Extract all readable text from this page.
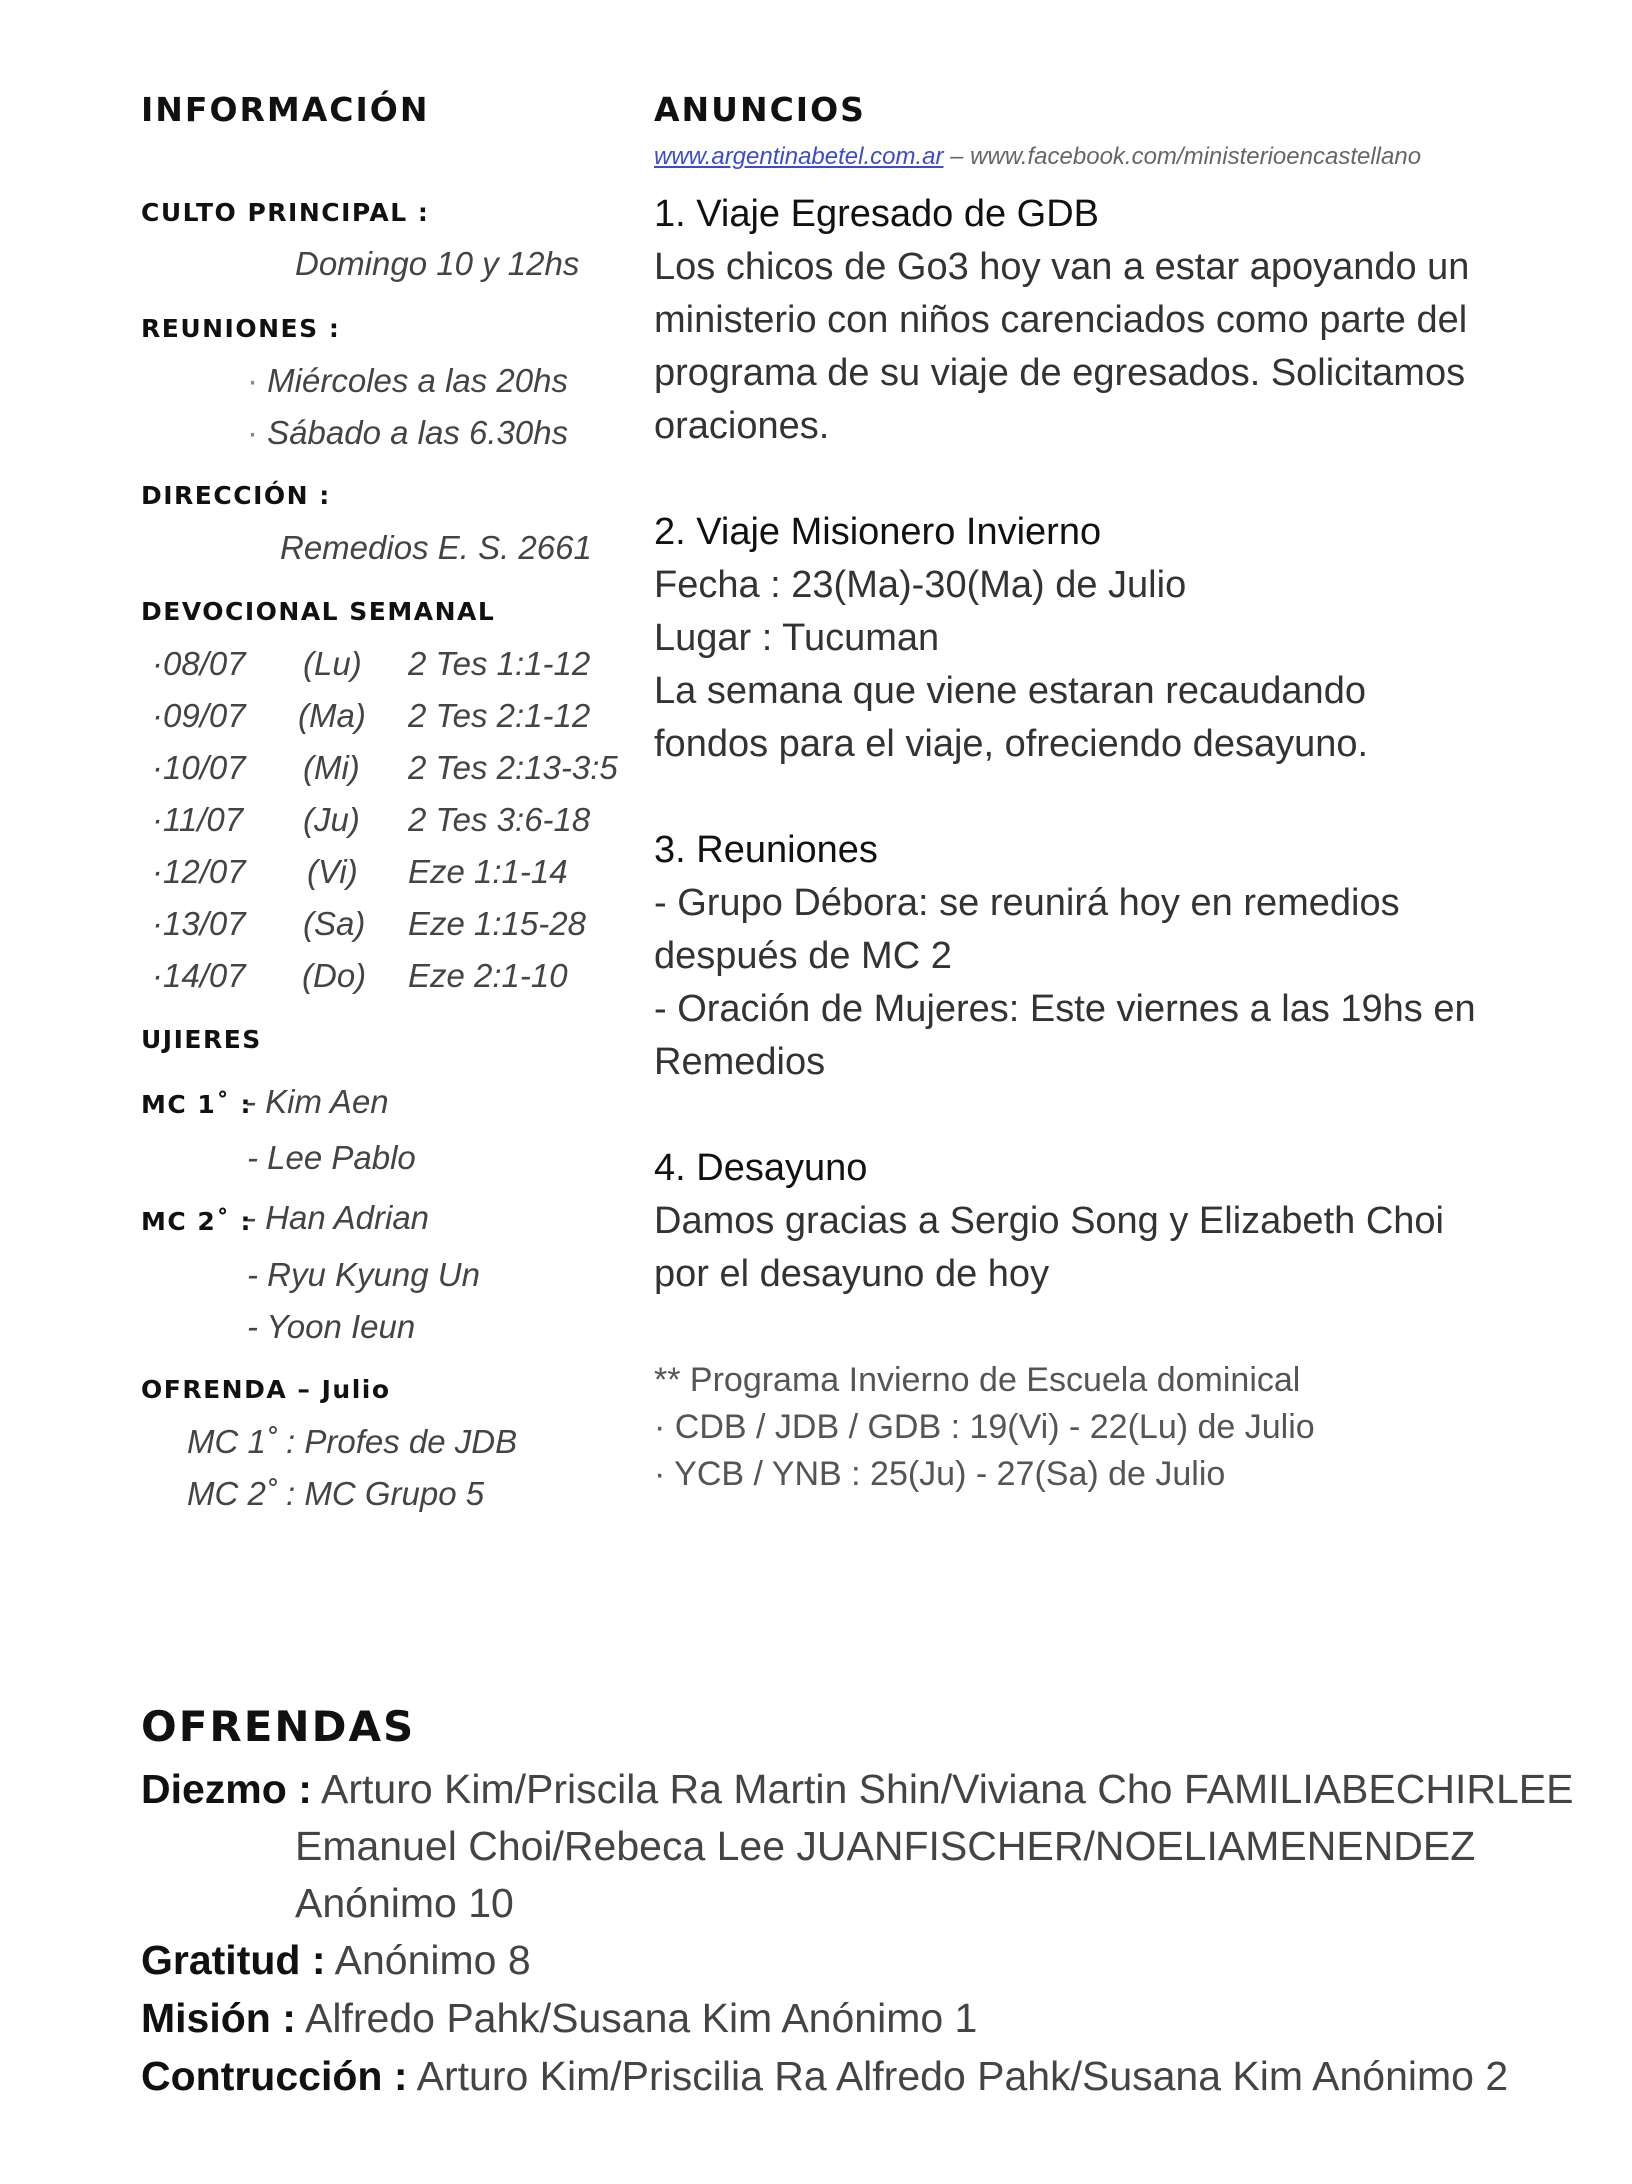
INFORMACIÓN
CULTO PRINCIPAL :
Domingo 10 y 12hs
REUNIONES :
· Miércoles a las 20hs
· Sábado a las 6.30hs
DIRECCIÓN :
Remedios E. S. 2661
DEVOCIONAL SEMANAL
·08/07 (Lu) 2 Tes 1:1-12
·09/07 (Ma) 2 Tes 2:1-12
·10/07 (Mi) 2 Tes 2:13-3:5
·11/07 (Ju) 2 Tes 3:6-18
·12/07 (Vi) Eze 1:1-14
·13/07 (Sa) Eze 1:15-28
·14/07 (Do) Eze 2:1-10
UJIERES
MC 1˚ :
- Kim Aen
- Lee Pablo
MC 2˚ :
- Han Adrian
- Ryu Kyung Un
- Yoon Ieun
OFRENDA – Julio
MC 1˚ : Profes de JDB
MC 2˚ : MC Grupo 5
ANUNCIOS
www.argentinabetel.com.ar – www.facebook.com/ministerioencastellano
1. Viaje Egresado de GDB
Los chicos de Go3 hoy van a estar apoyando un
ministerio con niños carenciados como parte del
programa de su viaje de egresados. Solicitamos
oraciones.
2. Viaje Misionero Invierno
Fecha : 23(Ma)-30(Ma) de Julio
Lugar : Tucuman
La semana que viene estaran recaudando
fondos para el viaje, ofreciendo desayuno.
3. Reuniones
- Grupo Débora: se reunirá hoy en remedios
después de MC 2
- Oración de Mujeres: Este viernes a las 19hs en
Remedios
4. Desayuno
Damos gracias a Sergio Song y Elizabeth Choi
por el desayuno de hoy
** Programa Invierno de Escuela dominical
· CDB / JDB / GDB : 19(Vi) - 22(Lu) de Julio
· YCB / YNB : 25(Ju) - 27(Sa) de Julio
OFRENDAS
Diezmo : Arturo Kim/Priscila Ra Martin Shin/Viviana Cho FAMILIABECHIRLEE
Emanuel Choi/Rebeca Lee JUANFISCHER/NOELIAMENENDEZ
Anónimo 10
Gratitud : Anónimo 8
Misión : Alfredo Pahk/Susana Kim Anónimo 1
Contrucción : Arturo Kim/Priscilia Ra Alfredo Pahk/Susana Kim Anónimo 2
